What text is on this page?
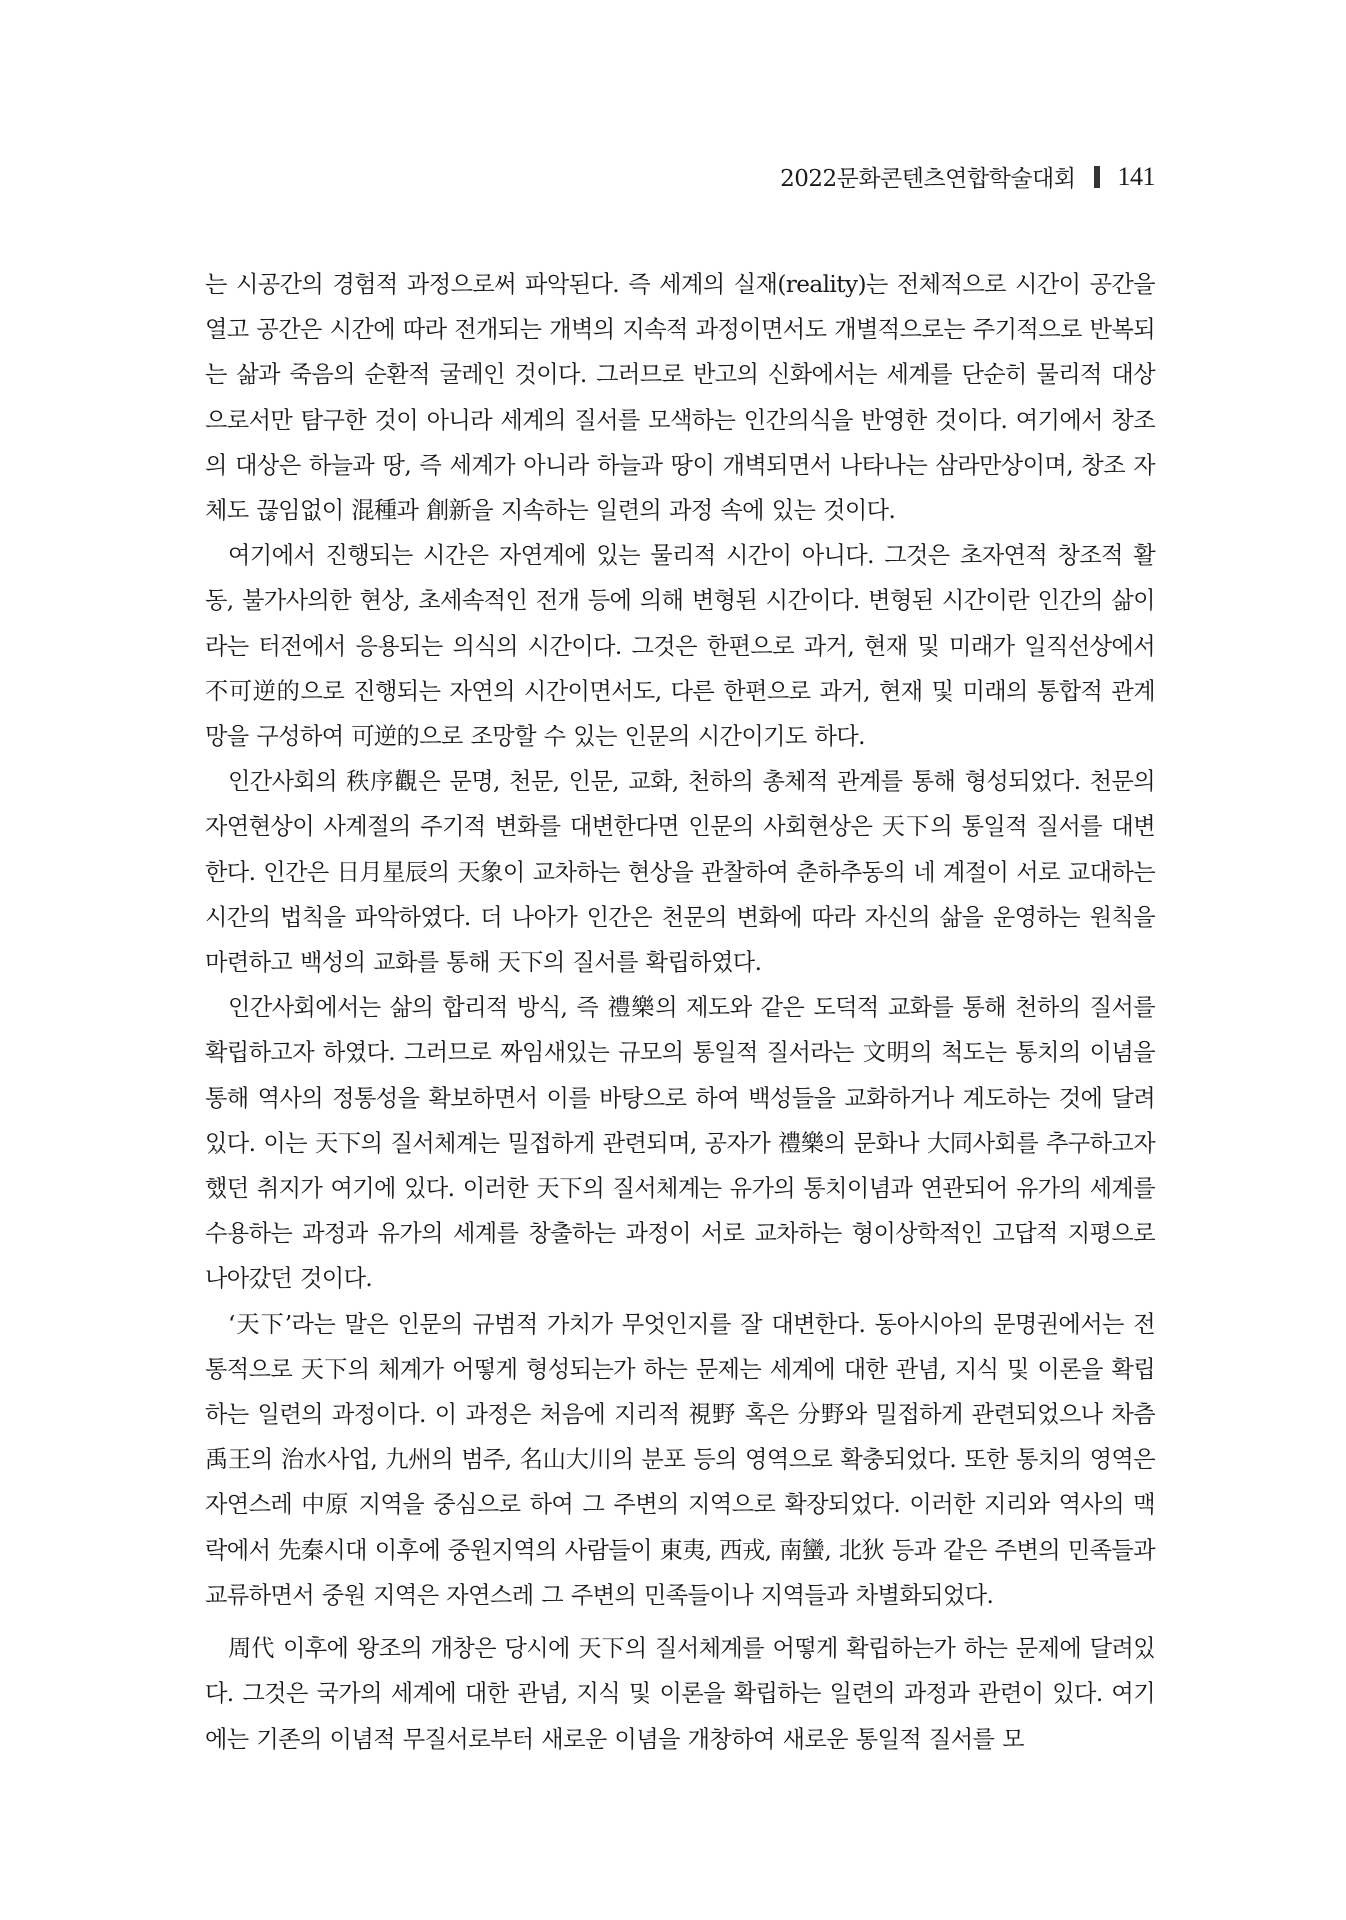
2022문화콘텐츠연합학술대회 141

는 시공간의 경험적 과정으로써 파악된다. 즉 세계의 실재(reality)는 전체적으로 시간이 공간을 열고 공간은 시간에 따라 전개되는 개벽의 지속적 과정이면서도 개별적으로는 주기적으로 반복되는 삶과 죽음의 순환적 굴레인 것이다. 그러므로 반고의 신화에서는 세계를 단순히 물리적 대상으로서만 탐구한 것이 아니라 세계의 질서를 모색하는 인간의식을 반영한 것이다. 여기에서 창조의 대상은 하늘과 땅, 즉 세계가 아니라 하늘과 땅이 개벽되면서 나타나는 삼라만상이며, 창조 자체도 끊임없이 混種과 創新을 지속하는 일련의 과정 속에 있는 것이다.

여기에서 진행되는 시간은 자연계에 있는 물리적 시간이 아니다. 그것은 초자연적 창조적 활동, 불가사의한 현상, 초세속적인 전개 등에 의해 변형된 시간이다. 변형된 시간이란 인간의 삶이라는 터전에서 응용되는 의식의 시간이다. 그것은 한편으로 과거, 현재 및 미래가 일직선상에서 不可逆的으로 진행되는 자연의 시간이면서도, 다른 한편으로 과거, 현재 및 미래의 통합적 관계망을 구성하여 可逆的으로 조망할 수 있는 인문의 시간이기도 하다.

인간사회의 秩序觀은 문명, 천문, 인문, 교화, 천하의 총체적 관계를 통해 형성되었다. 천문의 자연현상이 사계절의 주기적 변화를 대변한다면 인문의 사회현상은 天下의 통일적 질서를 대변한다. 인간은 日月星辰의 天象이 교차하는 현상을 관찰하여 춘하추동의 네 계절이 서로 교대하는 시간의 법칙을 파악하였다. 더 나아가 인간은 천문의 변화에 따라 자신의 삶을 운영하는 원칙을 마련하고 백성의 교화를 통해 天下의 질서를 확립하였다.

인간사회에서는 삶의 합리적 방식, 즉 禮樂의 제도와 같은 도덕적 교화를 통해 천하의 질서를 확립하고자 하였다. 그러므로 짜임새있는 규모의 통일적 질서라는 文明의 척도는 통치의 이념을 통해 역사의 정통성을 확보하면서 이를 바탕으로 하여 백성들을 교화하거나 계도하는 것에 달려있다. 이는 天下의 질서체계는 밀접하게 관련되며, 공자가 禮樂의 문화나 大同사회를 추구하고자 했던 취지가 여기에 있다. 이러한 天下의 질서체계는 유가의 통치이념과 연관되어 유가의 세계를 수용하는 과정과 유가의 세계를 창출하는 과정이 서로 교차하는 형이상학적인 고답적 지평으로 나아갔던 것이다.

‘天下’라는 말은 인문의 규범적 가치가 무엇인지를 잘 대변한다. 동아시아의 문명권에서는 전통적으로 天下의 체계가 어떻게 형성되는가 하는 문제는 세계에 대한 관념, 지식 및 이론을 확립하는 일련의 과정이다. 이 과정은 처음에 지리적 視野 혹은 分野와 밀접하게 관련되었으나 차츰 禹王의 治水사업, 九州의 범주, 名山大川의 분포 등의 영역으로 확충되었다. 또한 통치의 영역은 자연스레 中原 지역을 중심으로 하여 그 주변의 지역으로 확장되었다. 이러한 지리와 역사의 맥락에서 先秦시대 이후에 중원지역의 사람들이 東夷, 西戎, 南蠻, 北狄 등과 같은 주변의 민족들과 교류하면서 중원 지역은 자연스레 그 주변의 민족들이나 지역들과 차별화되었다.

周代 이후에 왕조의 개창은 당시에 天下의 질서체계를 어떻게 확립하는가 하는 문제에 달려있다. 그것은 국가의 세계에 대한 관념, 지식 및 이론을 확립하는 일련의 과정과 관련이 있다. 여기에는 기존의 이념적 무질서로부터 새로운 이념을 개창하여 새로운 통일적 질서를 모
